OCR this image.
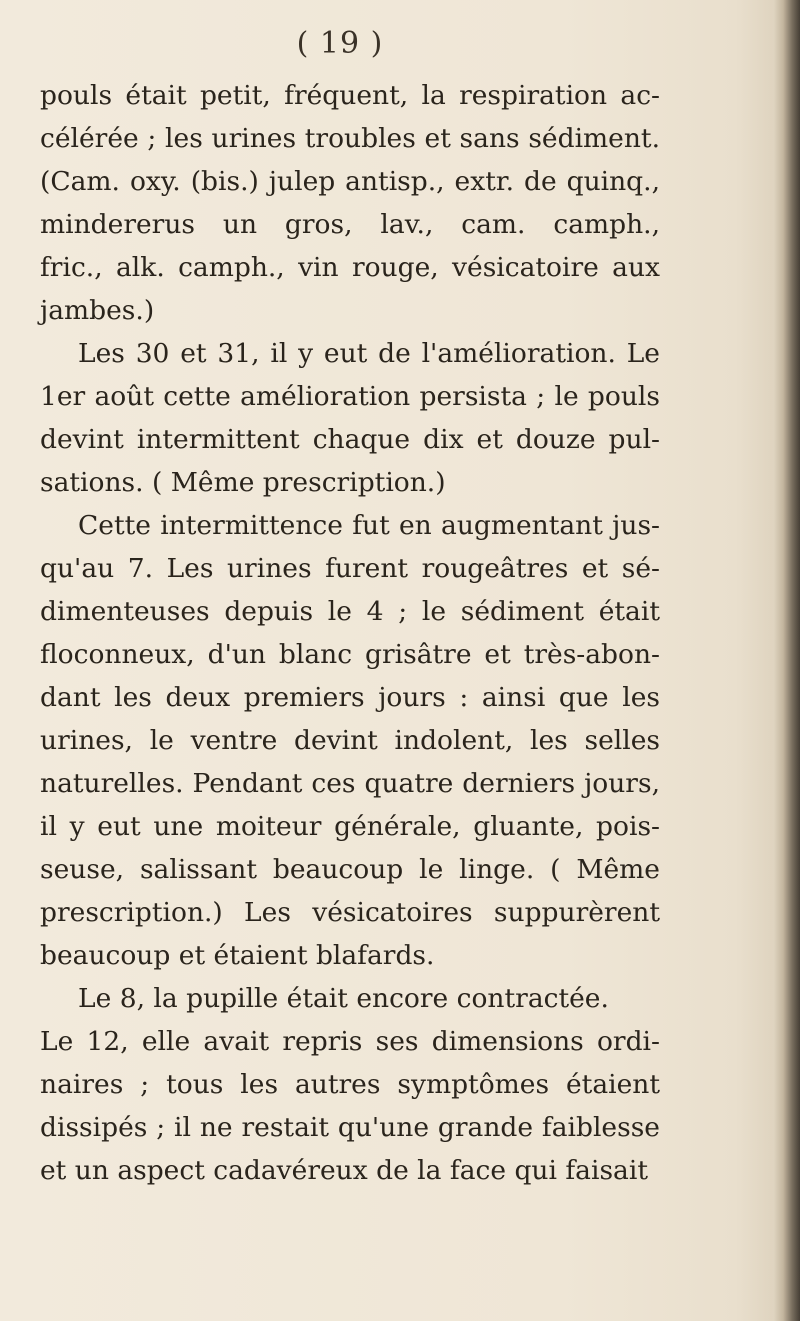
( 19 )
pouls était petit, fréquent, la respiration ac-
célérée ; les urines troubles et sans sédiment.
(Cam. oxy. (bis.) julep antisp., extr. de quinq.,
mindererus un gros, lav., cam. camph.,
fric., alk. camph., vin rouge, vésicatoire aux
jambes.)
Les 30 et 31, il y eut de l'amélioration. Le
1er août cette amélioration persista ; le pouls
devint intermittent chaque dix et douze pul-
sations. ( Même prescription.)
Cette intermittence fut en augmentant jus-
qu'au 7. Les urines furent rougeâtres et sé-
dimenteuses depuis le 4 ; le sédiment était
floconneux, d'un blanc grisâtre et très-abon-
dant les deux premiers jours : ainsi que les
urines, le ventre devint indolent, les selles
naturelles. Pendant ces quatre derniers jours,
il y eut une moiteur générale, gluante, pois-
seuse, salissant beaucoup le linge. ( Même
prescription.) Les vésicatoires suppurèrent
beaucoup et étaient blafards.
Le 8, la pupille était encore contractée.
Le 12, elle avait repris ses dimensions ordi-
naires ; tous les autres symptômes étaient
dissipés ; il ne restait qu'une grande faiblesse
et un aspect cadavéreux de la face qui faisait
